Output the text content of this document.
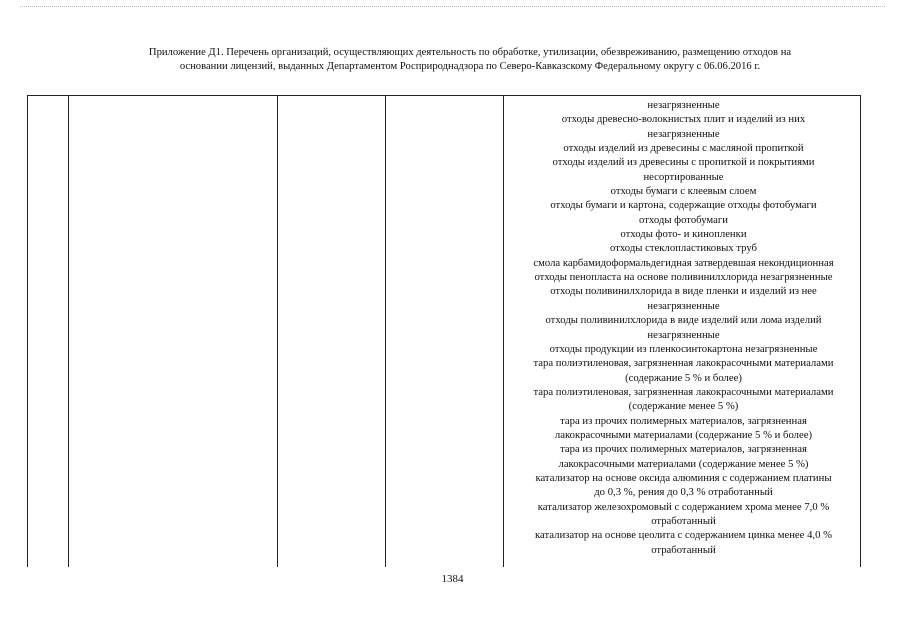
Приложение Д1. Перечень организаций, осуществляющих деятельность по обработке, утилизации, обезвреживанию, размещению отходов на
основании лицензий, выданных Департаментом Росприроднадзора по Северо-Кавказскому Федеральному округу с 06.06.2016 г.
незагрязненные
отходы древесно-волокнистых плит и изделий из них
незагрязненные
отходы изделий из древесины с масляной пропиткой
отходы изделий из древесины с пропиткой и покрытиями
несортированные
отходы бумаги с клеевым слоем
отходы бумаги и картона, содержащие отходы фотобумаги
отходы фотобумаги
отходы фото- и кинопленки
отходы стеклопластиковых труб
смола карбамидоформальдегидная затвердевшая некондиционная
отходы пенопласта на основе поливинилхлорида незагрязненные
отходы поливинилхлорида в виде пленки и изделий из нее
незагрязненные
отходы поливинилхлорида в виде изделий или лома изделий
незагрязненные
отходы продукции из пленкосинтокартона незагрязненные
тара полиэтиленовая, загрязненная лакокрасочными материалами
(содержание 5 % и более)
тара полиэтиленовая, загрязненная лакокрасочными материалами
(содержание менее 5 %)
тара из прочих полимерных материалов, загрязненная
лакокрасочными материалами (содержание 5 % и более)
тара из прочих полимерных материалов, загрязненная
лакокрасочными материалами (содержание менее 5 %)
катализатор на основе оксида алюминия с содержанием платины
до 0,3 %, рения до 0,3 % отработанный
катализатор железохромовый с содержанием хрома менее 7,0 %
отработанный
катализатор на основе цеолита с содержанием цинка менее 4,0 %
отработанный
1384
